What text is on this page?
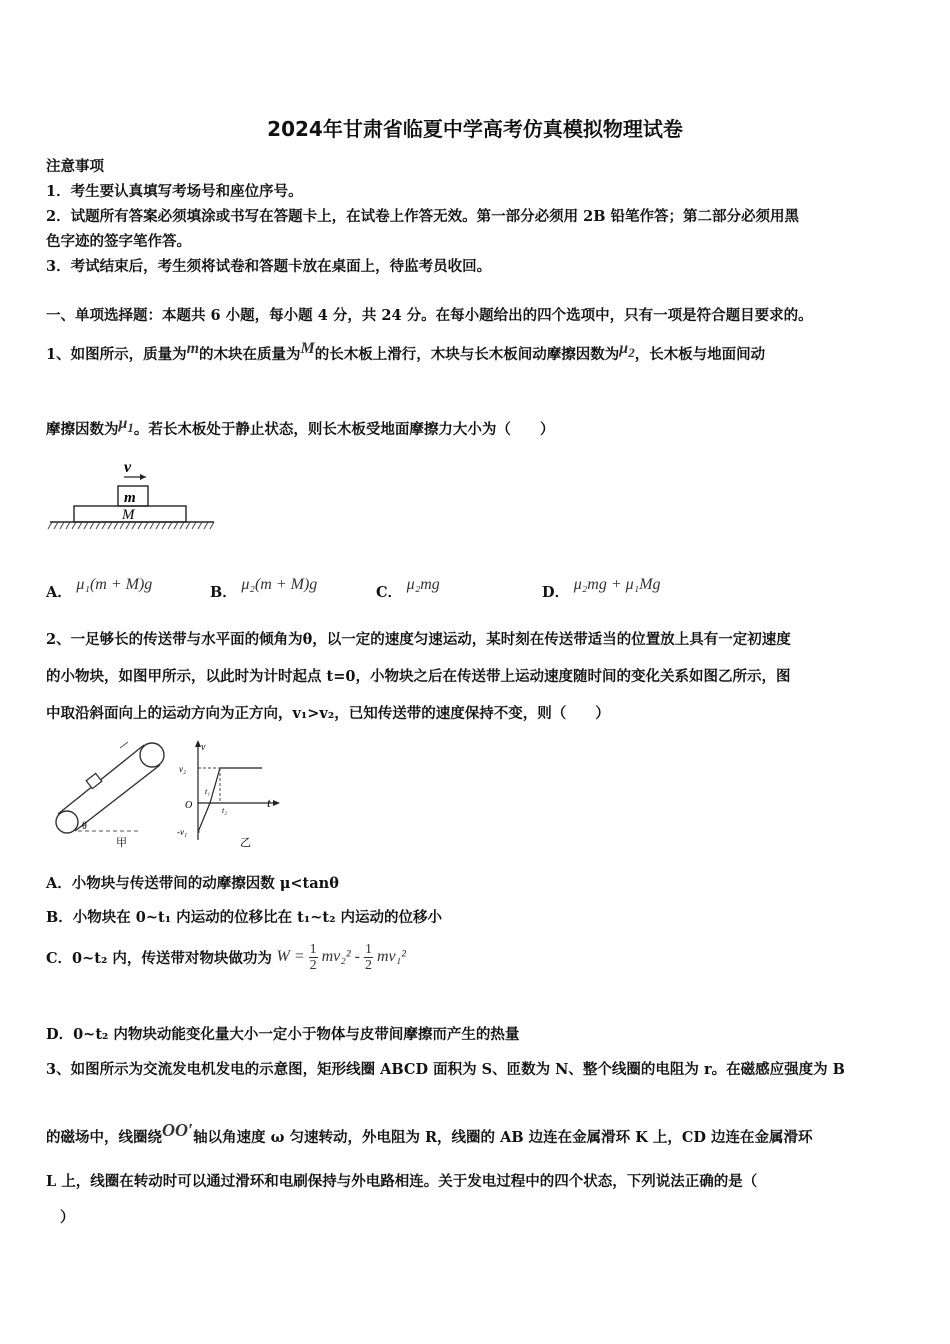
2024年甘肃省临夏中学高考仿真模拟物理试卷
注意事项
1．考生要认真填写考场号和座位序号。
2．试题所有答案必须填涂或书写在答题卡上，在试卷上作答无效。第一部分必须用 2B 铅笔作答；第二部分必须用黑
色字迹的签字笔作答。
3．考试结束后，考生须将试卷和答题卡放在桌面上，待监考员收回。
一、单项选择题：本题共 6 小题，每小题 4 分，共 24 分。在每小题给出的四个选项中，只有一项是符合题目要求的。
1、如图所示，质量为$^m$的木块在质量为$^M$的长木板上滑行，木块与长木板间动摩擦因数为$^{\mu_2}$，长木板与地面间动
摩擦因数为$^{\mu_1}$。若长木板处于静止状态，则长木板受地面摩擦力大小为（　　）
v
m
M
A． μ₁(m + M)g	B． μ₂(m + M)g	C． μ₂mg	D． μ₂mg + μ₁Mg
2、一足够长的传送带与水平面的倾角为θ，以一定的速度匀速运动，某时刻在传送带适当的位置放上具有一定初速度
的小物块，如图甲所示，以此时为计时起点 t=0，小物块之后在传送带上运动速度随时间的变化关系如图乙所示，图
中取沿斜面向上的运动方向为正方向，v₁>v₂，已知传送带的速度保持不变，则（　　）
θ
甲
v
t
O
v₂
-v₁
t₁
t₂
乙
A．小物块与传送带间的动摩擦因数 μ<tanθ
B．小物块在 0~t₁ 内运动的位移比在 t₁~t₂ 内运动的位移小
C．0~t₂ 内，传送带对物块做功为 $W = \frac{1}{2} mv_2^2 - \frac{1}{2} mv_1^2$
D．0~t₂ 内物块动能变化量大小一定小于物体与皮带间摩擦而产生的热量
3、如图所示为交流发电机发电的示意图，矩形线圈 ABCD 面积为 S、匝数为 N、整个线圈的电阻为 r。在磁感应强度为 B
的磁场中，线圈绕$^{OO'}$轴以角速度 ω 匀速转动，外电阻为 R，线圈的 AB 边连在金属滑环 K 上，CD 边连在金属滑环
L 上，线圈在转动时可以通过滑环和电刷保持与外电路相连。关于发电过程中的四个状态，下列说法正确的是（
）
